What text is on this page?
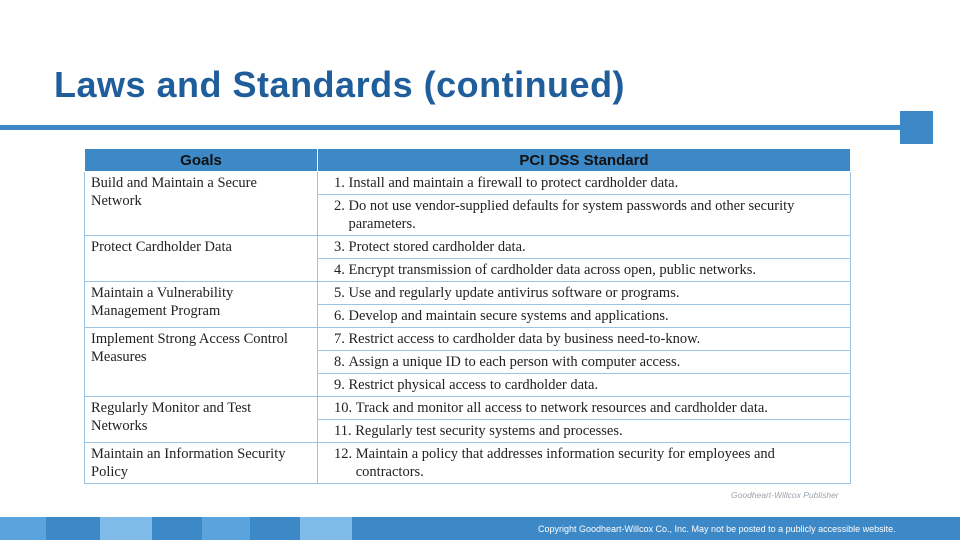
Laws and Standards (continued)
Goals	PCI DSS Standard
Build and Maintain a Secure Network	1. Install and maintain a firewall to protect cardholder data.

	2. Do not use vendor-supplied defaults for system passwords and other security parameters.

Protect Cardholder Data	3. Protect stored cardholder data.

	4. Encrypt transmission of cardholder data across open, public networks.

Maintain a Vulnerability Management Program	5. Use and regularly update antivirus software or programs.

	6. Develop and maintain secure systems and applications.

Implement Strong Access Control Measures	7. Restrict access to cardholder data by business need-to-know.

	8. Assign a unique ID to each person with computer access.

	9. Restrict physical access to cardholder data.

Regularly Monitor and Test Networks	10. Track and monitor all access to network resources and cardholder data.

	11. Regularly test security systems and processes.

Maintain an Information Security Policy	12. Maintain a policy that addresses information security for employees and contractors.
Goodheart-Willcox Publisher
Copyright Goodheart-Willcox Co., Inc. May not be posted to a publicly accessible website.
